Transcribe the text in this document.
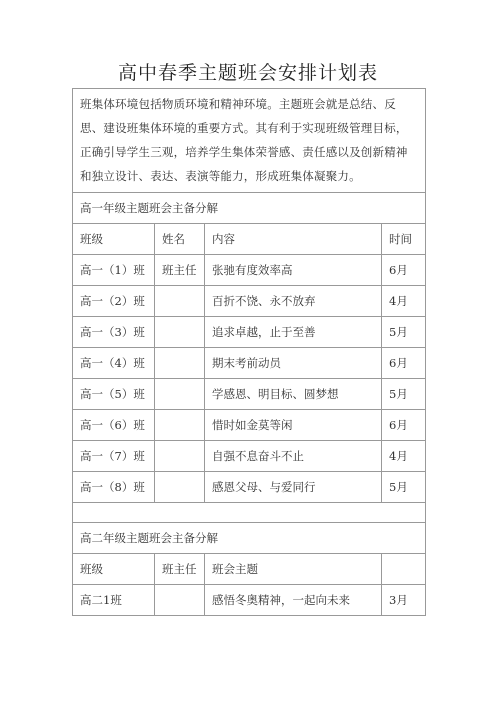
高中春季主题班会安排计划表
班集体环境包括物质环境和精神环境。主题班会就是总结、反思、建设班集体环境的重要方式。其有利于实现班级管理目标，正确引导学生三观，培养学生集体荣誉感、责任感以及创新精神和独立设计、表达、表演等能力，形成班集体凝聚力。			
高一年级主题班会主备分解			
班级	姓名	内容	时间
高一（1）班	班主任	张驰有度效率高	6月
高一（2）班		百折不饶、永不放弃	4月
高一（3）班		追求卓越，止于至善	5月
高一（4）班		期末考前动员	6月
高一（5）班		学感恩、明目标、圆梦想	5月
高一（6）班		惜时如金莫等闲	6月
高一（7）班		自强不息奋斗不止	4月
高一（8）班		感恩父母、与爱同行	5月

高二年级主题班会主备分解			
班级	班主任	班会主题	
高二1班		感悟冬奥精神，一起向未来	3月
